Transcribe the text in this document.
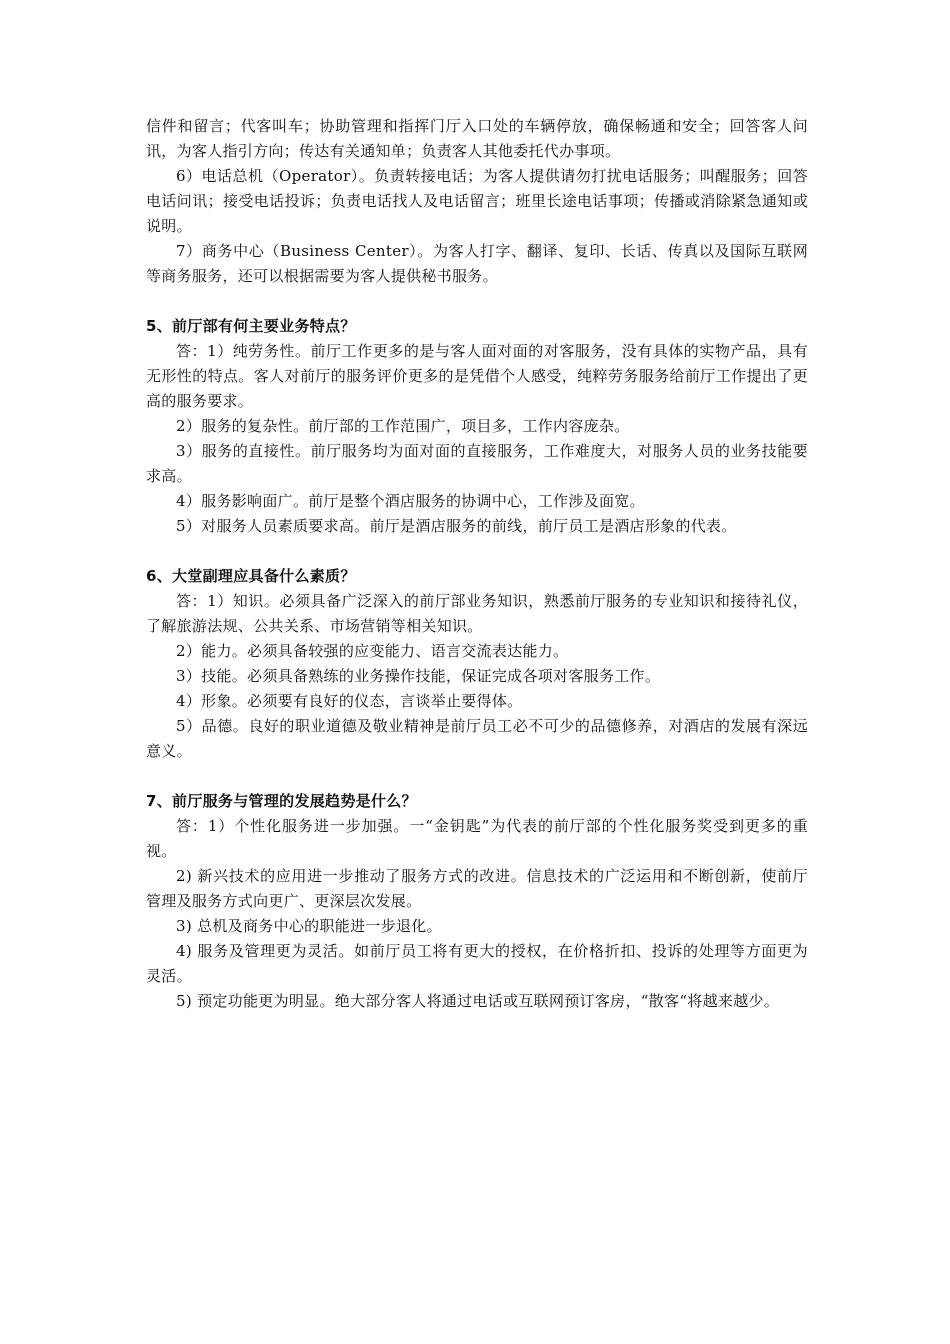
信件和留言；代客叫车；协助管理和指挥门厅入口处的车辆停放，确保畅通和安全；回答客人问讯，为客人指引方向；传达有关通知单；负责客人其他委托代办事项。

6）电话总机（Operator）。负责转接电话；为客人提供请勿打扰电话服务；叫醒服务；回答电话问讯；接受电话投诉；负责电话找人及电话留言；班里长途电话事项；传播或消除紧急通知或说明。

7）商务中心（Business Center）。为客人打字、翻译、复印、长话、传真以及国际互联网等商务服务，还可以根据需要为客人提供秘书服务。

5、前厅部有何主要业务特点？

答：1）纯劳务性。前厅工作更多的是与客人面对面的对客服务，没有具体的实物产品，具有无形性的特点。客人对前厅的服务评价更多的是凭借个人感受，纯粹劳务服务给前厅工作提出了更高的服务要求。

2）服务的复杂性。前厅部的工作范围广，项目多，工作内容庞杂。

3）服务的直接性。前厅服务均为面对面的直接服务，工作难度大，对服务人员的业务技能要求高。

4）服务影响面广。前厅是整个酒店服务的协调中心，工作涉及面宽。

5）对服务人员素质要求高。前厅是酒店服务的前线，前厅员工是酒店形象的代表。

6、大堂副理应具备什么素质？

答：1）知识。必须具备广泛深入的前厅部业务知识，熟悉前厅服务的专业知识和接待礼仪，了解旅游法规、公共关系、市场营销等相关知识。

2）能力。必须具备较强的应变能力、语言交流表达能力。

3）技能。必须具备熟练的业务操作技能，保证完成各项对客服务工作。

4）形象。必须要有良好的仪态，言谈举止要得体。

5）品德。良好的职业道德及敬业精神是前厅员工必不可少的品德修养，对酒店的发展有深远意义。

7、前厅服务与管理的发展趋势是什么？

答：1）个性化服务进一步加强。一“金钥匙”为代表的前厅部的个性化服务奖受到更多的重视。

2) 新兴技术的应用进一步推动了服务方式的改进。信息技术的广泛运用和不断创新，使前厅管理及服务方式向更广、更深层次发展。

3) 总机及商务中心的职能进一步退化。

4) 服务及管理更为灵活。如前厅员工将有更大的授权，在价格折扣、投诉的处理等方面更为灵活。

5) 预定功能更为明显。绝大部分客人将通过电话或互联网预订客房，“散客“将越来越少。
